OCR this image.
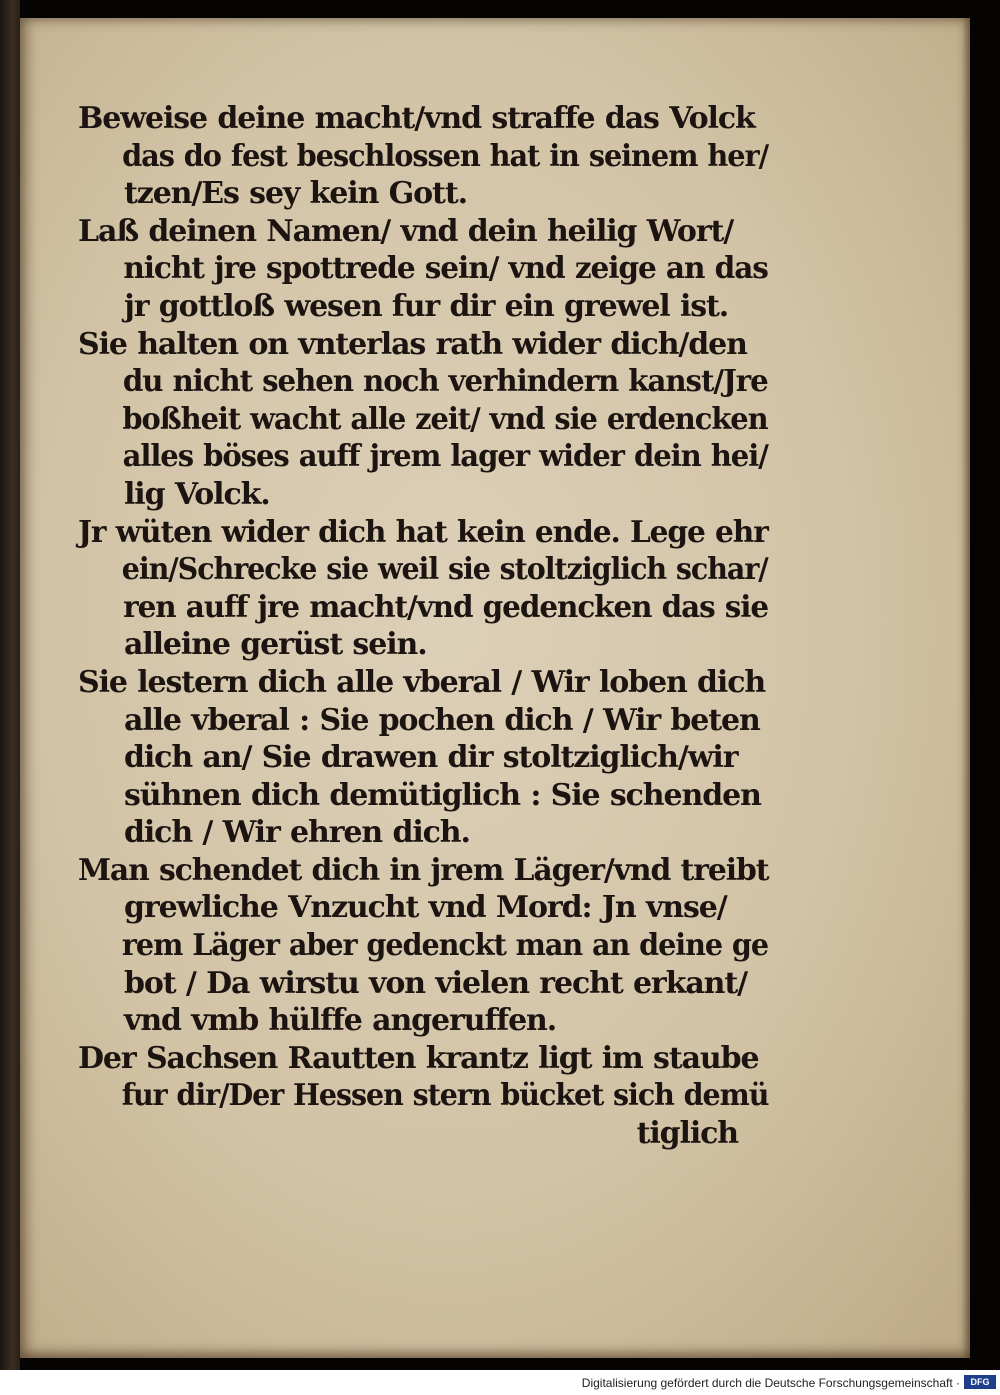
Beweise deine macht/vnd straffe das Volck
das do fest beschlossen hat in seinem her/
tzen/Es sey kein Gott.
Laß deinen Namen/ vnd dein heilig Wort/
nicht jre spottrede sein/ vnd zeige an das
jr gottloß wesen fur dir ein grewel ist.
Sie halten on vnterlas rath wider dich/den
du nicht sehen noch verhindern kanst/Jre
boßheit wacht alle zeit/ vnd sie erdencken
alles böses auff jrem lager wider dein hei/
lig Volck.
Jr wüten wider dich hat kein ende. Lege ehr
ein/Schrecke sie weil sie stoltziglich schar/
ren auff jre macht/vnd gedencken das sie
alleine gerüst sein.
Sie lestern dich alle vberal / Wir loben dich
alle vberal : Sie pochen dich / Wir beten
dich an/ Sie drawen dir stoltziglich/wir
sühnen dich demütiglich : Sie schenden
dich / Wir ehren dich.
Man schendet dich in jrem Läger/vnd treibt
grewliche Vnzucht vnd Mord: Jn vnse/
rem Läger aber gedenckt man an deine ge
bot / Da wirstu von vielen recht erkant/
vnd vmb hülffe angeruffen.
Der Sachsen Rautten krantz ligt im staube
fur dir/Der Hessen stern bücket sich demü
tiglich
Digitalisierung gefördert durch die Deutsche Forschungsgemeinschaft ·	DFG
